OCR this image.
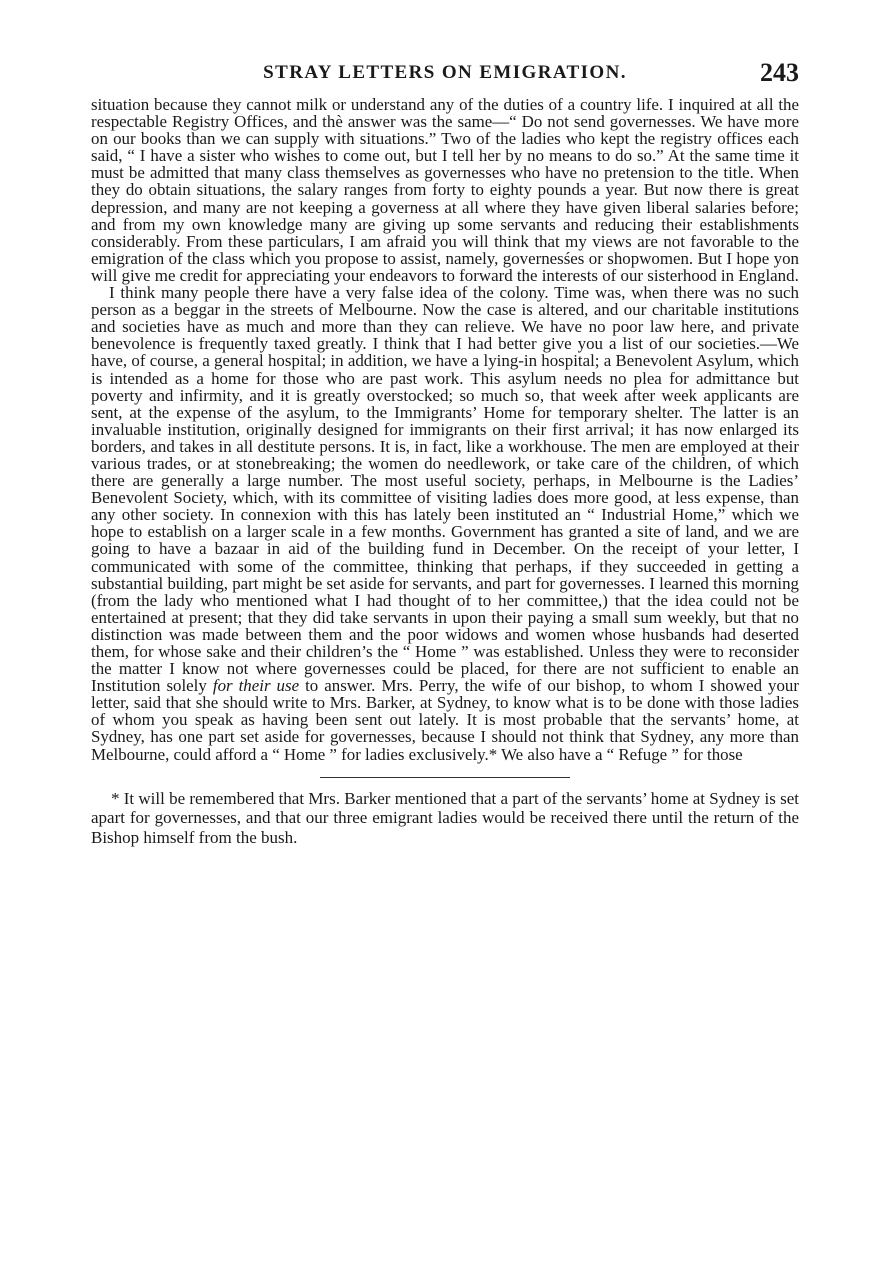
STRAY LETTERS ON EMIGRATION.	243

situation because they cannot milk or understand any of the duties of a country life. I inquired at all the respectable Registry Offices, and thè answer was the same—“ Do not send governesses. We have more on our books than we can supply with situations.” Two of the ladies who kept the registry offices each said, “ I have a sister who wishes to come out, but I tell her by no means to do so.” At the same time it must be admitted that many class themselves as governesses who have no pretension to the title. When they do obtain situations, the salary ranges from forty to eighty pounds a year. But now there is great depression, and many are not keeping a governess at all where they have given liberal salaries before; and from my own knowledge many are giving up some servants and reducing their establishments considerably. From these particulars, I am afraid you will think that my views are not favorable to the emigration of the class which you propose to assist, namely, governesśes or shopwomen. But I hope yon will give me credit for appreciating your endeavors to forward the interests of our sisterhood in England.

I think many people there have a very false idea of the colony. Time was, when there was no such person as a beggar in the streets of Melbourne. Now the case is altered, and our charitable institutions and societies have as much and more than they can relieve. We have no poor law here, and private benevolence is frequently taxed greatly. I think that I had better give you a list of our societies.—We have, of course, a general hospital; in addition, we have a lying-in hospital; a Benevolent Asylum, which is intended as a home for those who are past work. This asylum needs no plea for admittance but poverty and infirmity, and it is greatly overstocked; so much so, that week after week applicants are sent, at the expense of the asylum, to the Immigrants’ Home for temporary shelter. The latter is an invaluable institution, originally designed for immigrants on their first arrival; it has now enlarged its borders, and takes in all destitute persons. It is, in fact, like a workhouse. The men are employed at their various trades, or at stonebreaking; the women do needlework, or take care of the children, of which there are generally a large number. The most useful society, perhaps, in Melbourne is the Ladies’ Benevolent Society, which, with its committee of visiting ladies does more good, at less expense, than any other society. In connexion with this has lately been instituted an “ Industrial Home,” which we hope to establish on a larger scale in a few months. Government has granted a site of land, and we are going to have a bazaar in aid of the building fund in December. On the receipt of your letter, I communicated with some of the committee, thinking that perhaps, if they succeeded in getting a substantial building, part might be set aside for servants, and part for governesses. I learned this morning (from the lady who mentioned what I had thought of to her committee,) that the idea could not be entertained at present; that they did take servants in upon their paying a small sum weekly, but that no distinction was made between them and the poor widows and women whose husbands had deserted them, for whose sake and their children’s the “ Home ” was established. Unless they were to reconsider the matter I know not where governesses could be placed, for there are not sufficient to enable an Institution solely for their use to answer. Mrs. Perry, the wife of our bishop, to whom I showed your letter, said that she should write to Mrs. Barker, at Sydney, to know what is to be done with those ladies of whom you speak as having been sent out lately. It is most probable that the servants’ home, at Sydney, has one part set aside for governesses, because I should not think that Sydney, any more than Melbourne, could afford a “ Home ” for ladies exclusively.* We also have a “ Refuge ” for those

* It will be remembered that Mrs. Barker mentioned that a part of the servants’ home at Sydney is set apart for governesses, and that our three emigrant ladies would be received there until the return of the Bishop himself from the bush.
